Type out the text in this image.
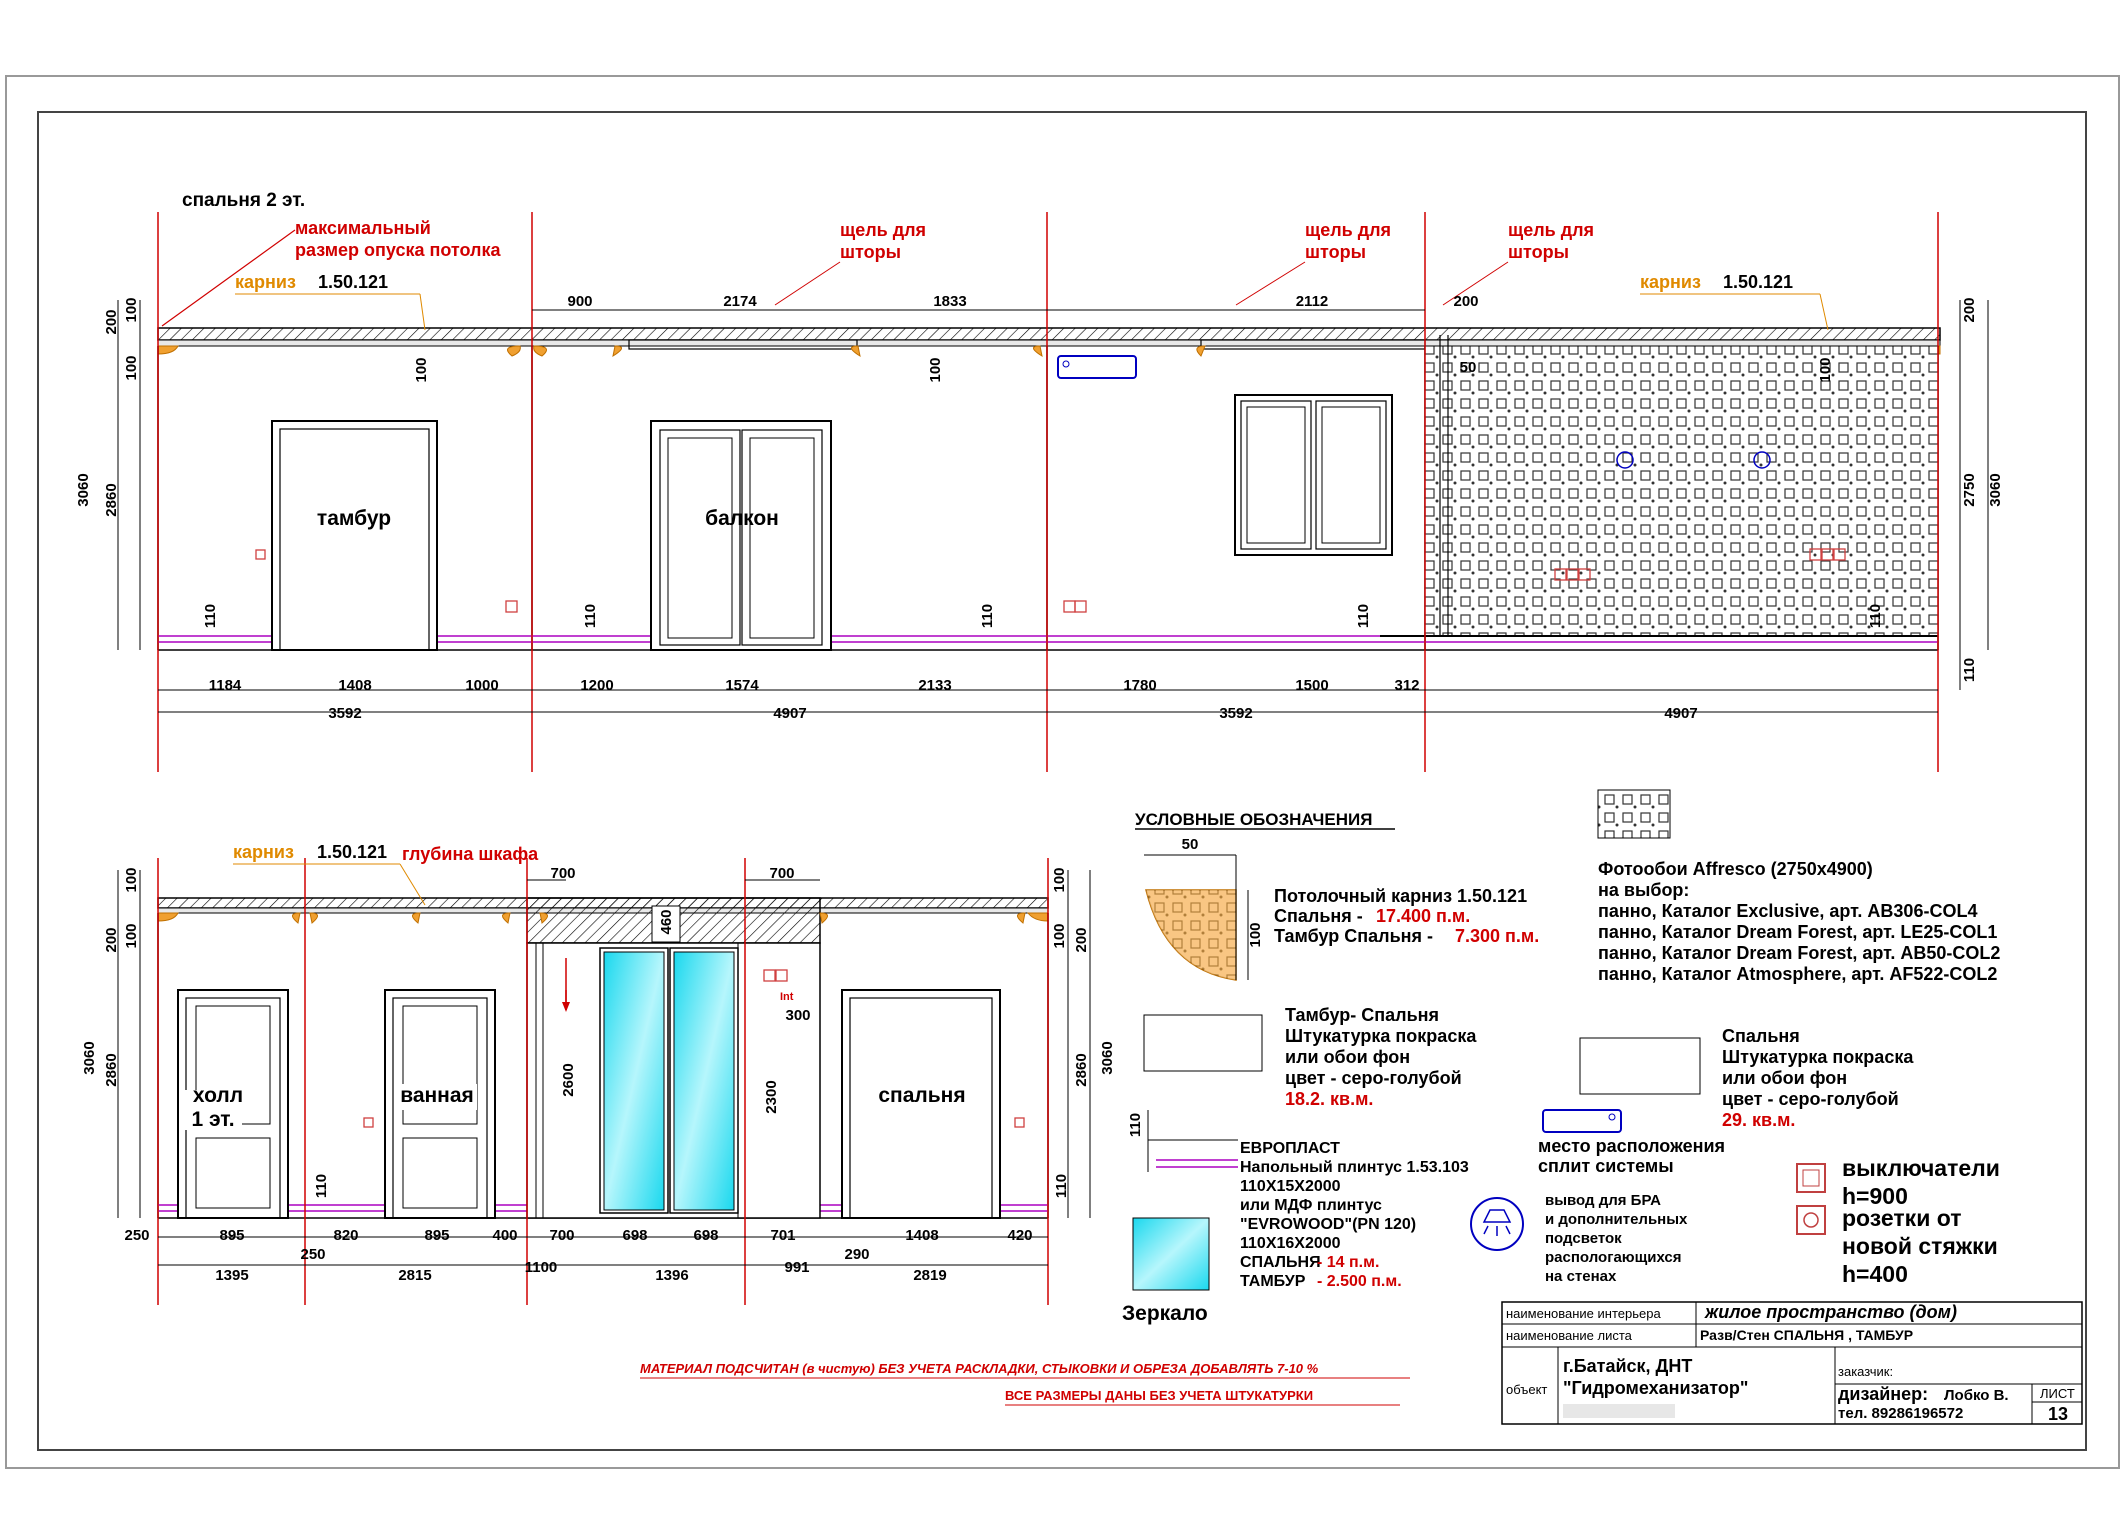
спальня 2 эт.
тамбур	балкон
максимальный
размер опуска потолка
карниз 1.50.121
щель для
шторы
щель для
шторы
щель для
шторы
карниз 1.50.121
900	2174	1833	2112	200
50
1184	1408	1000	1200	1574	2133	1780	1500	312
3592	4907	3592	4907
200 100
100
3060 2860
100	100
110	110	110	110
100
110
200
2750 3060
110
холл
1 эт.
ванная	спальня
Int
карниз 1.50.121 глубина шкафа
700	700
460
300
250	895	820	895	400 700	698	698	701	1408	420
1395	2815	1100	1396	991	2819
250	290
100
200 100
3060 2860	2600
2300
100
200
100
2860 3060
110	110
УСЛОВНЫЕ ОБОЗНАЧЕНИЯ
50
100
Потолочный карниз 1.50.121
Спальня - 17.400 п.м.
Тамбур Спальня - 7.300 п.м.
Фотообои Affresco (2750х4900)
на выбор:
панно, Каталог Exclusive, арт. AB306-COL4
панно, Каталог Dream Forest, арт. LE25-COL1
панно, Каталог Dream Forest, арт. AB50-COL2
панно, Каталог Atmosphere, арт. AF522-COL2
Тамбур- Спальня
Штукатурка покраска
или обои фон
цвет - серо-голубой
18.2. кв.м.
Спальня
Штукатурка покраска
или обои фон
цвет - серо-голубой
29. кв.м.
110
ЕВРОПЛАСТ
Напольный плинтус 1.53.103
110Х15Х2000
или МДФ плинтус
"EVROWOOD"(PN 120)
110Х16Х2000
СПАЛЬНЯ
- 14 п.м.
ТАМБУР - 2.500 п.м.
Зеркало
место расположения
сплит системы
вывод для БРА
и дополнительных
подсветок
распологающихся
на стенах
выключатели
h=900
розетки от
новой стяжки
h=400
МАТЕРИАЛ ПОДСЧИТАН (в чистую) БЕЗ УЧЕТА РАСКЛАДКИ, СТЫКОВКИ И ОБРЕЗА ДОБАВЛЯТЬ 7-10 %
ВСЕ РАЗМЕРЫ ДАНЫ БЕЗ УЧЕТА ШТУКАТУРКИ
наименование интерьера жилое пространство (дом)
наименование листа	Разв/Стен СПАЛЬНЯ , ТАМБУР
объект
г.Батайск, ДНТ
"Гидромеханизатор"
заказчик:
дизайнер: Лобко В.
тел. 89286196572
ЛИСТ
13
